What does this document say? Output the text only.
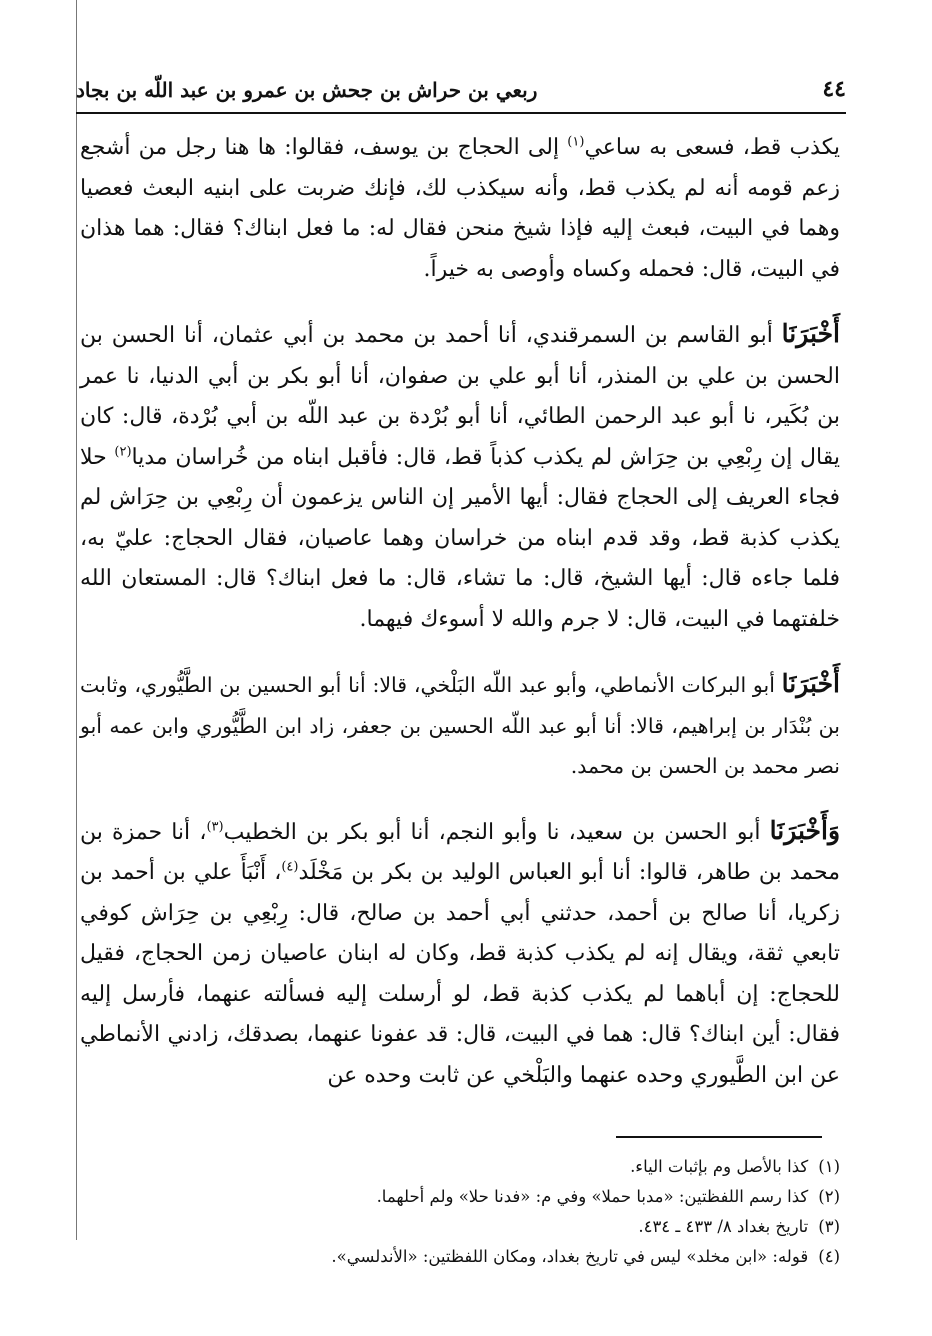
٤٤
ربعي بن حراش بن جحش بن عمرو بن عبد اللّه بن بجاد

يكذب قط، فسعى به ساعي$^{(١)}$ إلى الحجاج بن يوسف، فقالوا: ها هنا رجل من أشجع زعم قومه أنه لم يكذب قط، وأنه سيكذب لك، فإنك ضربت على ابنيه البعث فعصيا وهما في البيت، فبعث إليه فإذا شيخ منحن فقال له: ما فعل ابناك؟ فقال: هما هذان في البيت، قال: فحمله وكساه وأوصى به خيراً.

أَخْبَرَنَا أبو القاسم بن السمرقندي، أنا أحمد بن محمد بن أبي عثمان، أنا الحسن بن الحسن بن علي بن المنذر، أنا أبو علي بن صفوان، أنا أبو بكر بن أبي الدنيا، نا عمر بن بُكَير، نا أبو عبد الرحمن الطائي، أنا أبو بُرْدة بن عبد اللّه بن أبي بُرْدة، قال: كان يقال إن رِبْعِي بن حِرَاش لم يكذب كذباً قط، قال: فأقبل ابناه من خُراسان مديا$^{(٢)}$ حلا فجاء العريف إلى الحجاج فقال: أيها الأمير إن الناس يزعمون أن رِبْعِي بن حِرَاش لم يكذب كذبة قط، وقد قدم ابناه من خراسان وهما عاصيان، فقال الحجاج: عليّ به، فلما جاءه قال: أيها الشيخ، قال: ما تشاء، قال: ما فعل ابناك؟ قال: المستعان الله خلفتهما في البيت، قال: لا جرم والله لا أسوءك فيهما.

أَخْبَرَنَا أبو البركات الأنماطي، وأبو عبد اللّه البَلْخي، قالا: أنا أبو الحسين بن الطَّيُّوري، وثابت بن بُنْدَار بن إبراهيم، قالا: أنا أبو عبد اللّه الحسين بن جعفر، زاد ابن الطَّيُّوري وابن عمه أبو نصر محمد بن الحسن بن محمد.

وَأَخْبَرَنَا أبو الحسن بن سعيد، نا وأبو النجم، أنا أبو بكر بن الخطيب$^{(٣)}$، أنا حمزة بن محمد بن طاهر، قالوا: أنا أبو العباس الوليد بن بكر بن مَخْلَد$^{(٤)}$، أَنْبَأَ علي بن أحمد بن زكريا، أنا صالح بن أحمد، حدثني أبي أحمد بن صالح، قال: رِبْعِي بن حِرَاش كوفي تابعي ثقة، ويقال إنه لم يكذب كذبة قط، وكان له ابنان عاصيان زمن الحجاج، فقيل للحجاج: إن أباهما لم يكذب كذبة قط، لو أرسلت إليه فسألته عنهما، فأرسل إليه فقال: أين ابناك؟ قال: هما في البيت، قال: قد عفونا عنهما، بصدقك، زادني الأنماطي عن ابن الطَّيوري وحده عنهما والبَلْخي عن ثابت وحده عن

(١)كذا بالأصل وم بإثبات الياء.
(٢)كذا رسم اللفظتين: «مدبا حملا» وفي م: «فدنا حلا» ولم أحلهما.
(٣)تاريخ بغداد ٨/ ٤٣٣ ـ ٤٣٤.
(٤)قوله: «ابن مخلد» ليس في تاريخ بغداد، ومكان اللفظتين: «الأندلسي».
